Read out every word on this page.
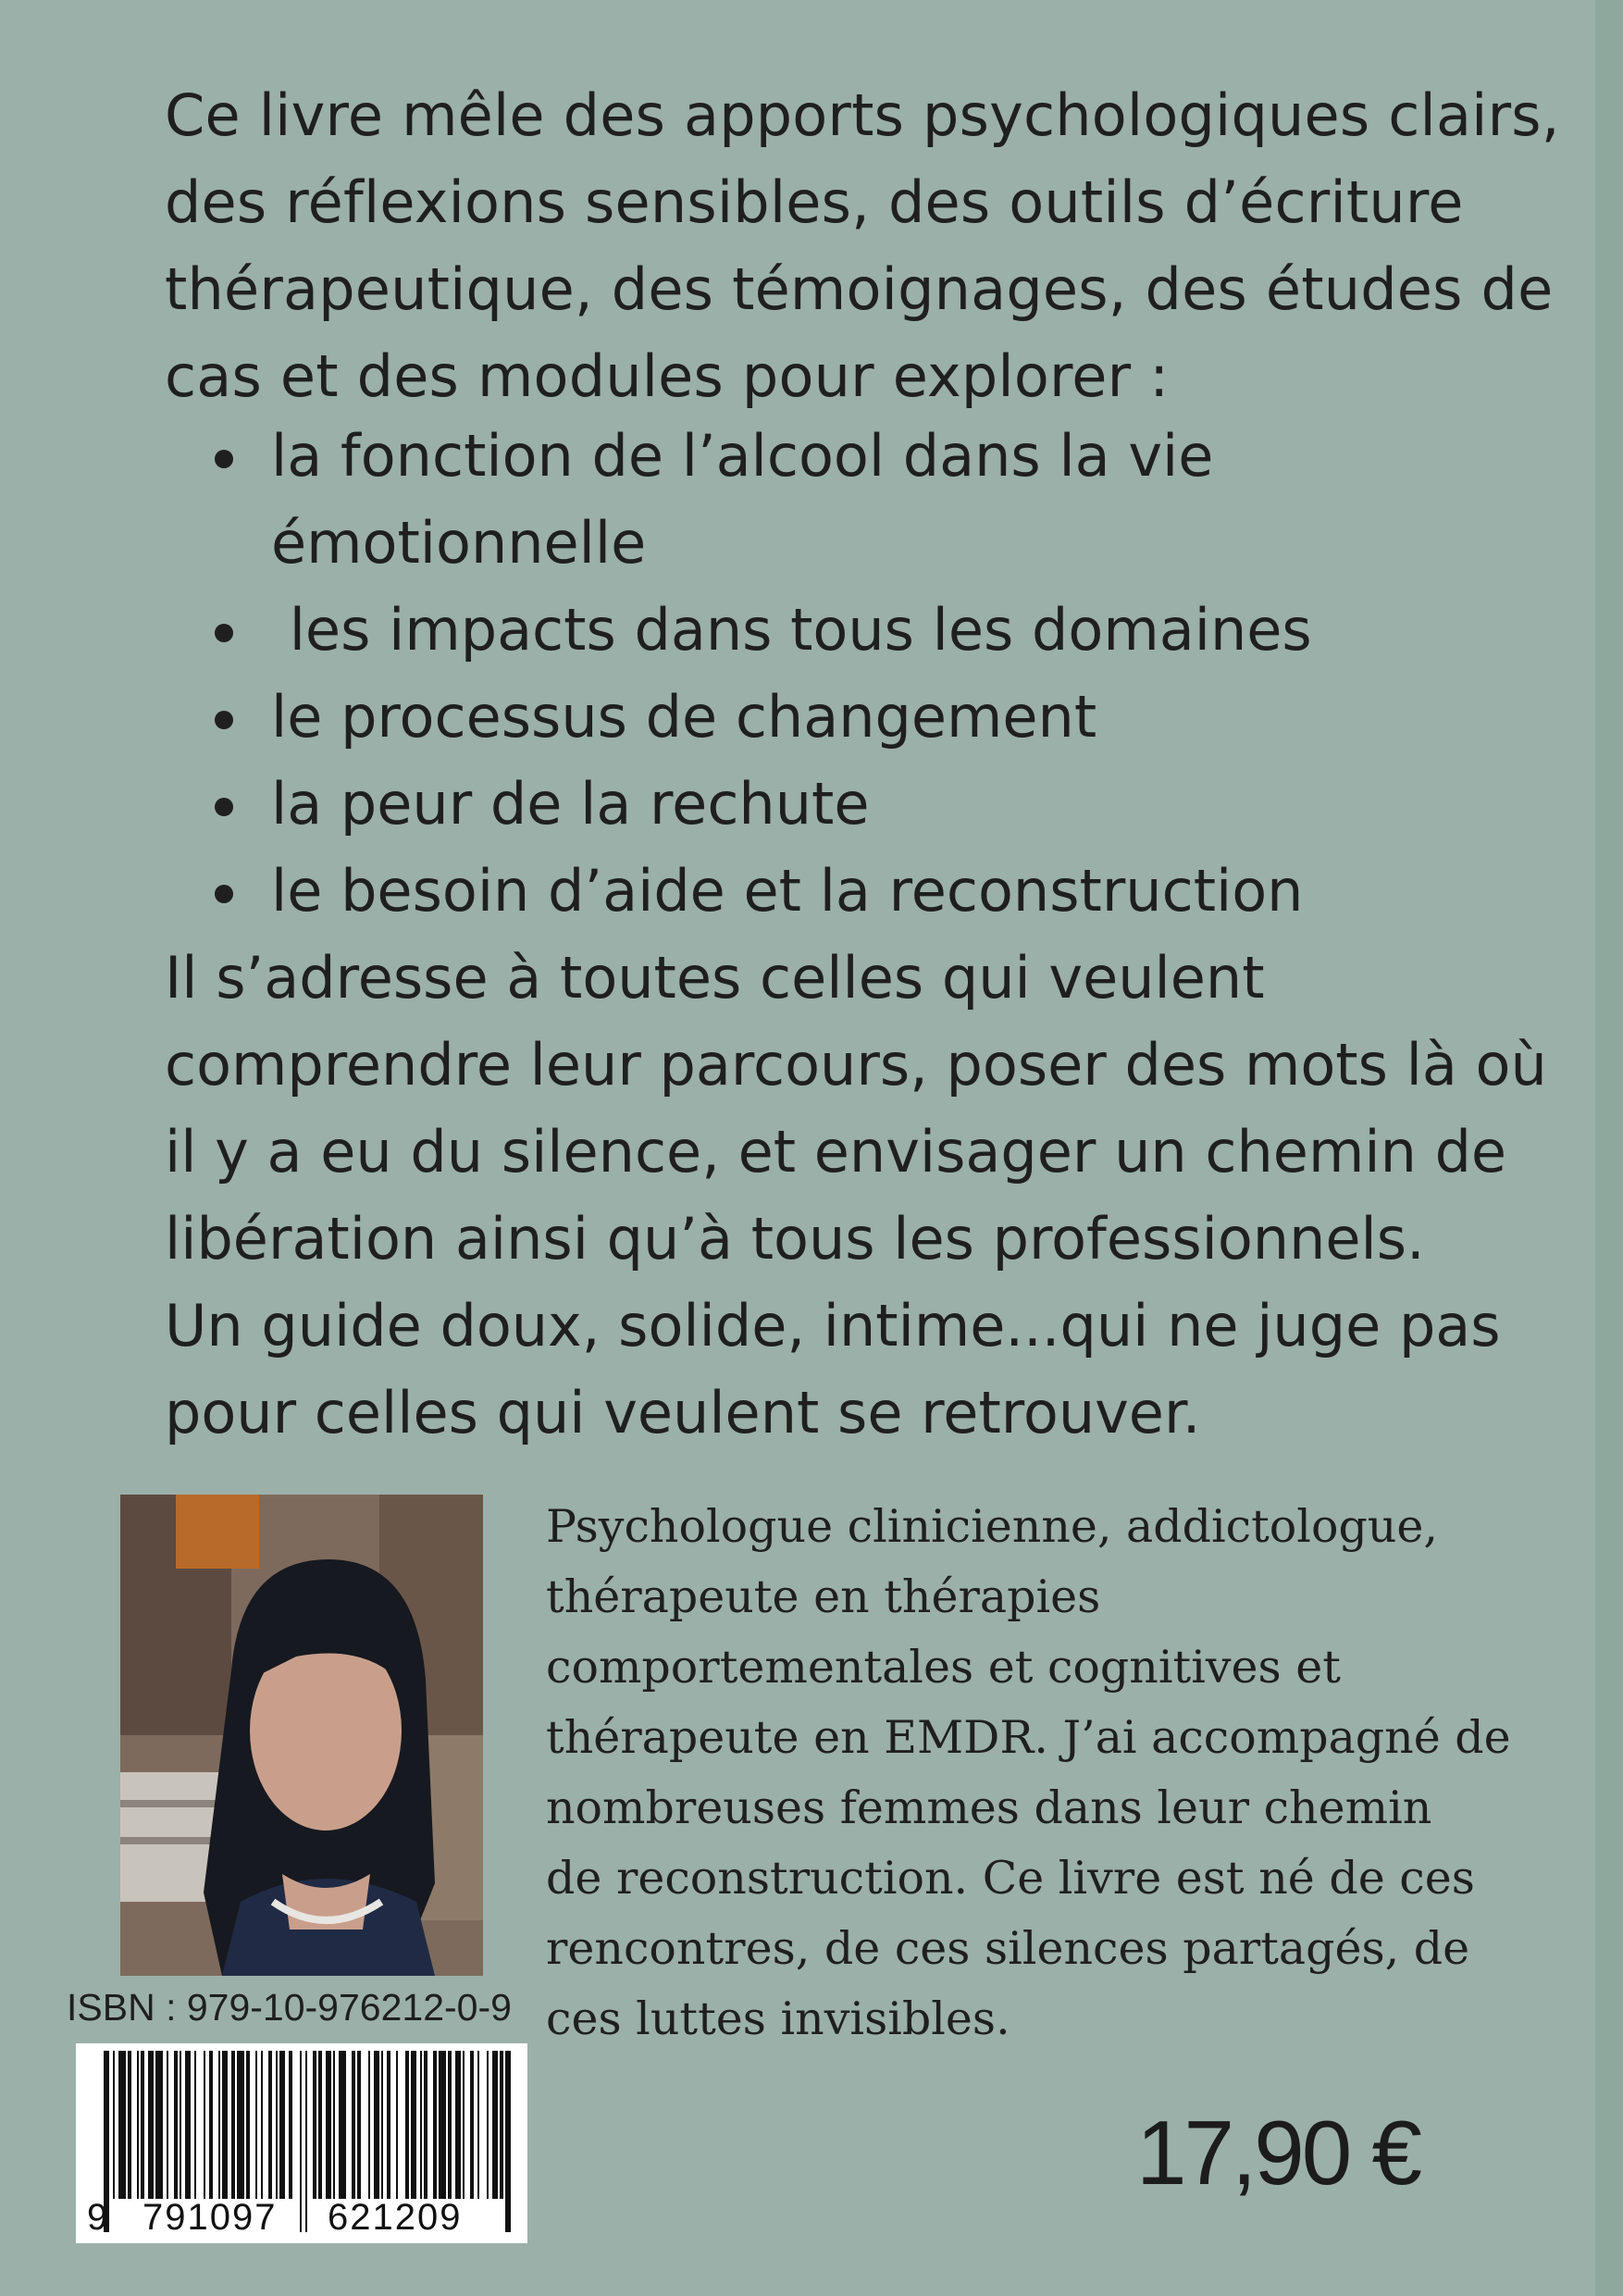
Ce livre mêle des apports psychologiques clairs, des réflexions sensibles, des outils d’écriture thérapeutique, des témoignages, des études de cas et des modules pour explorer :

la fonction de l’alcool dans la vie émotionnelle
les impacts dans tous les domaines
le processus de changement
la peur de la rechute
le besoin d’aide et la reconstruction
Il s’adresse à toutes celles qui veulent comprendre leur parcours, poser des mots là où il y a eu du silence, et envisager un chemin de libération ainsi qu’à tous les professionnels.
Un guide doux, solide, intime...qui ne juge pas pour celles qui veulent se retrouver.

Psychologue clinicienne, addictologue,
thérapeute en thérapies
comportementales et cognitives et
thérapeute en EMDR. J’ai accompagné de
nombreuses femmes dans leur chemin
de reconstruction. Ce livre est né de ces
rencontres, de ces silences partagés, de
ces luttes invisibles.

ISBN : 979-10-976212-0-9
9 791097 621209
17,90 €
